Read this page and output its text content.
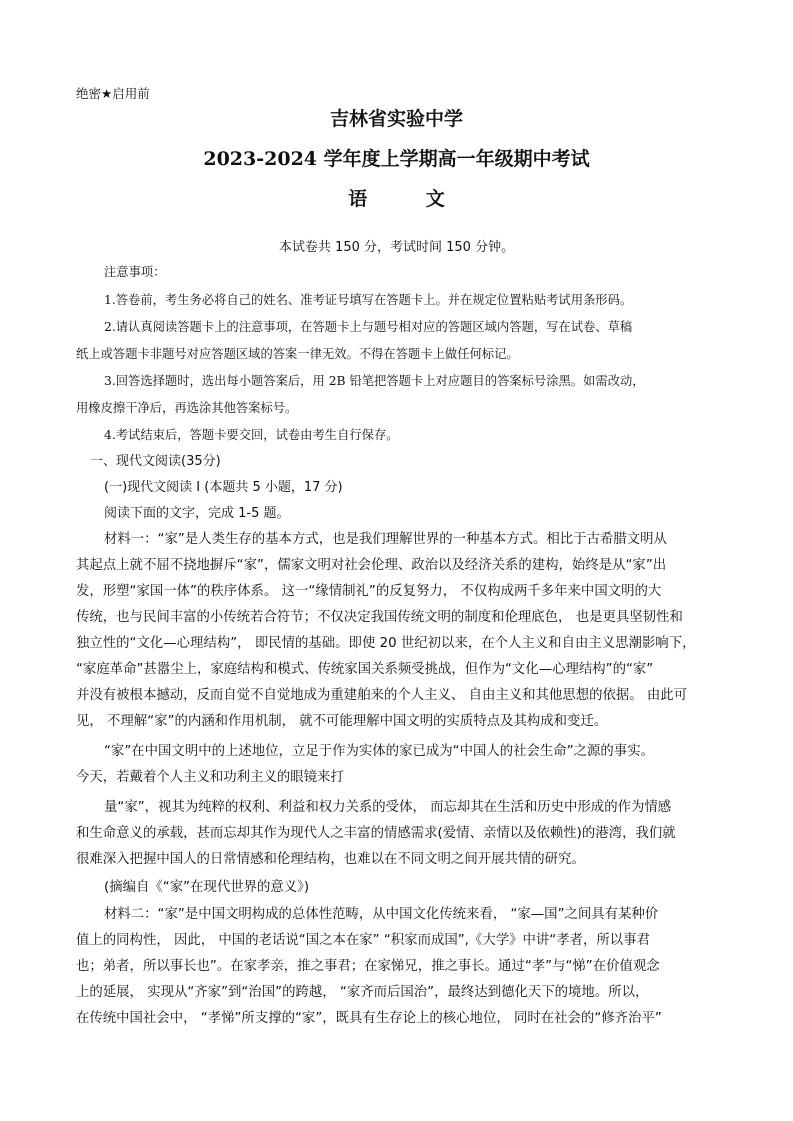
绝密★启用前
吉林省实验中学
2023-2024 学年度上学期高一年级期中考试
语 文
本试卷共 150 分，考试时间 150 分钟。
注意事项：
1.答卷前，考生务必将自己的姓名、准考证号填写在答题卡上。并在规定位置粘贴考试用条形码。
2.请认真阅读答题卡上的注意事项，在答题卡上与题号相对应的答题区域内答题，写在试卷、草稿
纸上或答题卡非题号对应答题区域的答案一律无效。不得在答题卡上做任何标记。
3.回答选择题时，选出每小题答案后，用 2B 铅笔把答题卡上对应题目的答案标号涂黑。如需改动，
用橡皮擦干净后，再选涂其他答案标号。
4.考试结束后，答题卡要交回，试卷由考生自行保存。
一、现代文阅读(35分)
(一)现代文阅读 I (本题共 5 小题，17 分)
阅读下面的文字，完成 1-5 题。
材料一：“家”是人类生存的基本方式，也是我们理解世界的一种基本方式。相比于古希腊文明从
其起点上就不屈不挠地摒斥“家”，儒家文明对社会伦理、政治以及经济关系的建构，始终是从“家”出
发，形塑“家国一体”的秩序体系。 这一“缘情制礼”的反复努力， 不仅构成两千多年来中国文明的大
传统，也与民间丰富的小传统若合符节；不仅决定我国传统文明的制度和伦理底色， 也是更具坚韧性和
独立性的“文化—心理结构”， 即民情的基础。即使 20 世纪初以来，在个人主义和自由主义思潮影响下，
“家庭革命”甚嚣尘上，家庭结构和模式、传统家国关系频受挑战，但作为“文化—心理结构”的“家”
并没有被根本撼动，反而自觉不自觉地成为重建舶来的个人主义、 自由主义和其他思想的依据。 由此可
见， 不理解“家”的内涵和作用机制， 就不可能理解中国文明的实质特点及其构成和变迁。
“家”在中国文明中的上述地位，立足于作为实体的家已成为“中国人的社会生命”之源的事实。
今天，若戴着个人主义和功利主义的眼镜来打
量“家”，视其为纯粹的权利、利益和权力关系的受体， 而忘却其在生活和历史中形成的作为情感
和生命意义的承载，甚而忘却其作为现代人之丰富的情感需求(爱情、亲情以及依赖性)的港湾，我们就
很难深入把握中国人的日常情感和伦理结构，也难以在不同文明之间开展共情的研究。
(摘编自《“家”在现代世界的意义》)
材料二：“家”是中国文明构成的总体性范畴，从中国文化传统来看， “家—国”之间具有某种价
值上的同构性， 因此， 中国的老话说“国之本在家” “积家而成国”,《大学》中讲“孝者，所以事君
也；弟者，所以事长也”。在家孝亲，推之事君；在家悌兄，推之事长。通过“孝”与“悌”在价值观念
上的延展， 实现从“齐家”到“治国”的跨越， “家齐而后国治”，最终达到德化天下的境地。所以，
在传统中国社会中， “孝悌”所支撑的“家”，既具有生存论上的核心地位， 同时在社会的“修齐治平”
